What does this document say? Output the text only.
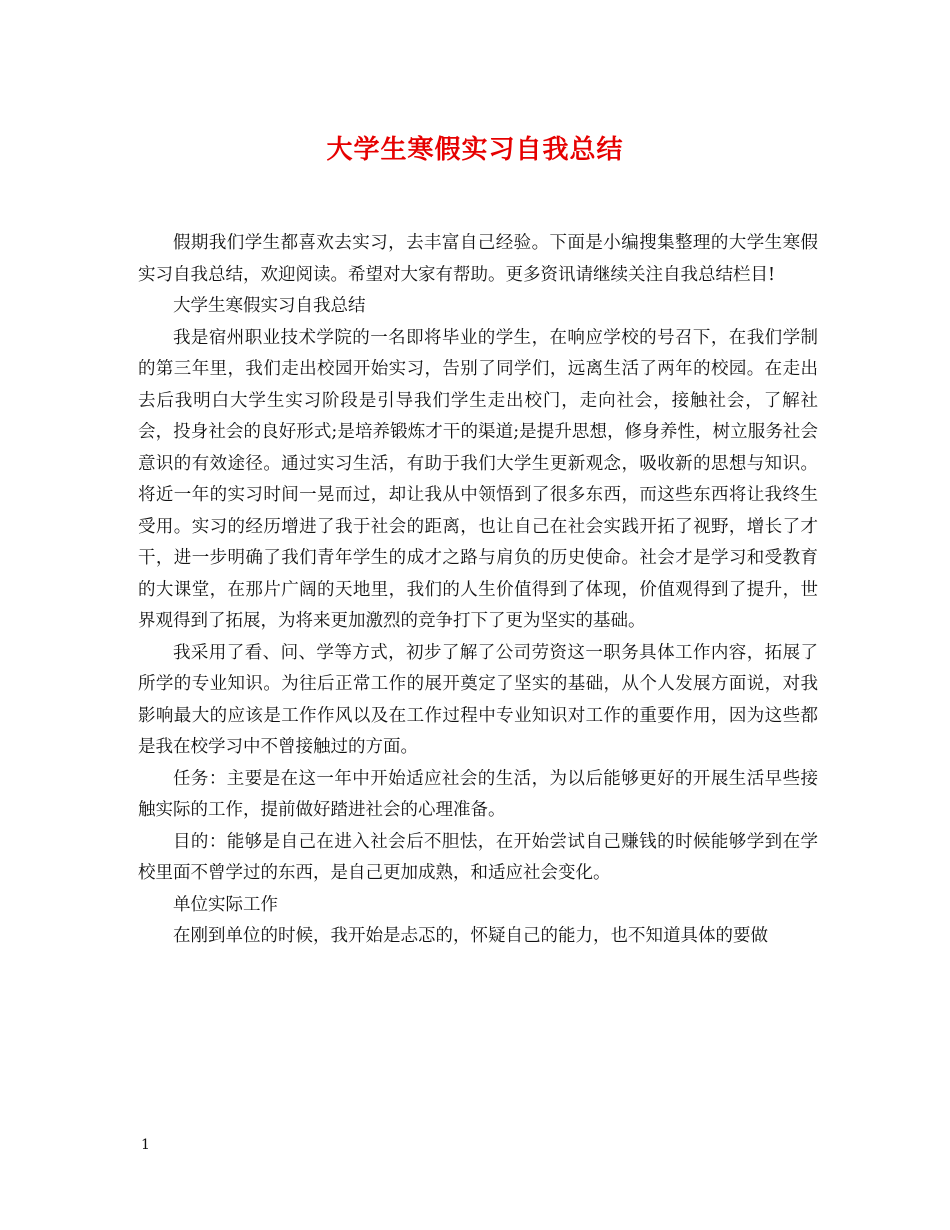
大学生寒假实习自我总结

假期我们学生都喜欢去实习，去丰富自己经验。下面是小编搜集整理的大学生寒假实习自我总结，欢迎阅读。希望对大家有帮助。更多资讯请继续关注自我总结栏目!

大学生寒假实习自我总结

我是宿州职业技术学院的一名即将毕业的学生，在响应学校的号召下，在我们学制的第三年里，我们走出校园开始实习，告别了同学们，远离生活了两年的校园。在走出去后我明白大学生实习阶段是引导我们学生走出校门，走向社会，接触社会，了解社会，投身社会的良好形式;是培养锻炼才干的渠道;是提升思想，修身养性，树立服务社会意识的有效途径。通过实习生活，有助于我们大学生更新观念，吸收新的思想与知识。将近一年的实习时间一晃而过，却让我从中领悟到了很多东西，而这些东西将让我终生受用。实习的经历增进了我于社会的距离，也让自己在社会实践开拓了视野，增长了才干，进一步明确了我们青年学生的成才之路与肩负的历史使命。社会才是学习和受教育的大课堂，在那片广阔的天地里，我们的人生价值得到了体现，价值观得到了提升，世界观得到了拓展，为将来更加激烈的竞争打下了更为坚实的基础。

我采用了看、问、学等方式，初步了解了公司劳资这一职务具体工作内容，拓展了所学的专业知识。为往后正常工作的展开奠定了坚实的基础，从个人发展方面说，对我影响最大的应该是工作作风以及在工作过程中专业知识对工作的重要作用，因为这些都是我在校学习中不曾接触过的方面。

任务：主要是在这一年中开始适应社会的生活，为以后能够更好的开展生活早些接触实际的工作，提前做好踏进社会的心理准备。

目的：能够是自己在进入社会后不胆怯，在开始尝试自己赚钱的时候能够学到在学校里面不曾学过的东西，是自己更加成熟，和适应社会变化。

单位实际工作

在刚到单位的时候，我开始是忐忑的，怀疑自己的能力，也不知道具体的要做

1
